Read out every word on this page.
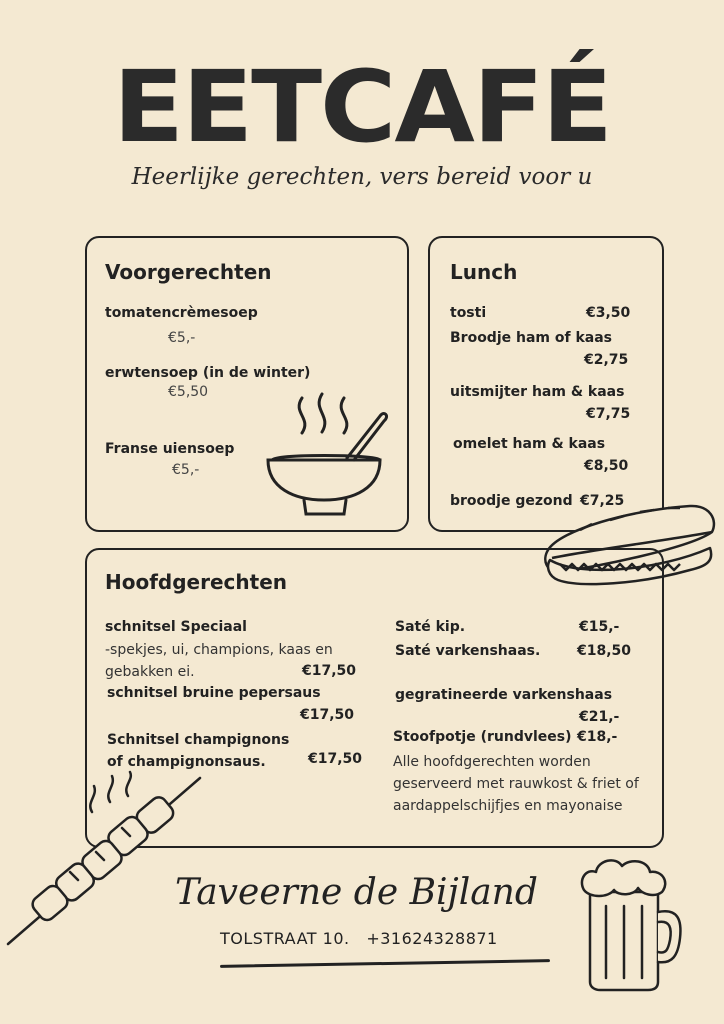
EETCAFÉ
Heerlijke gerechten, vers bereid voor u
Voorgerechten
tomatencrèmesoep
€5,-
erwtensoep (in de winter)
€5,50
Franse uiensoep
€5,-
Lunch
tosti	€3,50
Broodje ham of kaas
€2,75
uitsmijter ham & kaas
€7,75
omelet ham & kaas
€8,50
broodje gezond €7,25
Hoofdgerechten
schnitsel Speciaal
-spekjes, ui, champions, kaas en gebakken ei.	€17,50
schnitsel bruine pepersaus
€17,50
Schnitsel champignons of champignonsaus.	€17,50
Saté kip.	€15,-
Saté varkenshaas.	€18,50
gegratineerde varkenshaas
€21,-
Stoofpotje (rundvlees) €18,-
Alle hoofdgerechten worden geserveerd met rauwkost & friet of aardappelschijfjes en mayonaise
Taveerne de Bijland
TOLSTRAAT 10. +31624328871
